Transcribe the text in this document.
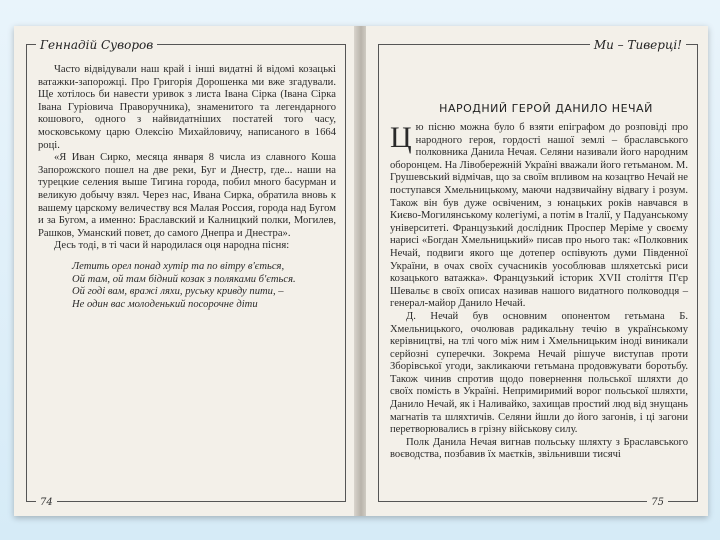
Геннадій Суворов

Часто відвідували наш край і інші видатні й відомі козацькі ватажки-запорожці. Про Григорія Дорошенка ми вже згадували. Ще хотілось би навести уривок з листа Івана Сірка (Івана Сірка Івана Гуріовича Праворучника), знаменитого та легендарного кошового, одного з найвидатніших постатей того часу, московському царю Олексію Михайловичу, написаного в 1664 році.

«Я Иван Сирко, месяца января 8 числа из славного Коша Запорожского пошел на две реки, Буг и Днестр, где... наши на турецкие селения выше Тигина города, побил много басурман и великую добычу взял. Через нас, Ивана Сирка, обратила вновь к вашему царскому величеству вся Малая Россия, города над Бугом и за Бугом, а именно: Браславский и Калницкий полки, Могилев, Рашков, Уманский повет, до самого Днепра и Днестра».

Десь тоді, в ті часи й народилася оця народна пісня:

Летить орел понад хутір та по вітру в'ється,
Ой там, ой там бідний козак з поляками б'ється.
Ой годі вам, вражі ляхи, руську кривду пити, –
Не один вас молоденький посорочне діти
74
Ми – Тиверці!
НАРОДНИЙ ГЕРОЙ ДАНИЛО НЕЧАЙ

Цю пісню можна було б взяти епіграфом до розповіді про народного героя, гордості нашої землі – браславського полковника Данила Нечая. Селяни називали його народним оборонцем. На Лівобережній Україні вважали його гетьманом. М. Грушевський відмічав, що за своїм впливом на козацтво Нечай не поступався Хмельницькому, маючи надзвичайну відвагу і розум. Також він був дуже освіченим, з юнацьких років навчався в Києво-Могилянському колегіумі, а потім в Італії, у Падуанському університеті. Французький дослідник Проспер Меріме у своєму нарисі «Богдан Хмельницький» писав про нього так: «Полковник Нечай, подвиги якого ще дотепер оспівують думи Південної України, в очах своїх сучасників уособлював шляхетські риси козацького ватажка». Французький історик XVII століття П'єр Шевальє в своїх описах називав нашого видатного полководця – генерал-майор Данило Нечай.

Д. Нечай був основним опонентом гетьмана Б. Хмельницького, очолював радикальну течію в українському керівництві, на тлі чого між ним і Хмельницьким іноді виникали серйозні суперечки. Зокрема Нечай рішуче виступав проти Зборівської угоди, закликаючи гетьмана продовжувати боротьбу. Також чинив спротив щодо повернення польської шляхти до своїх помість в Україні. Непримиримий ворог польської шляхти, Данило Нечай, як і Наливайко, захищав простий люд від знущань магнатів та шляхтичів. Селяни йшли до його загонів, і ці загони перетворювались в грізну військову силу.

Полк Данила Нечая вигнав польську шляхту з Браславського воєводства, позбавив їх маєтків, звільнивши тисячі

75
